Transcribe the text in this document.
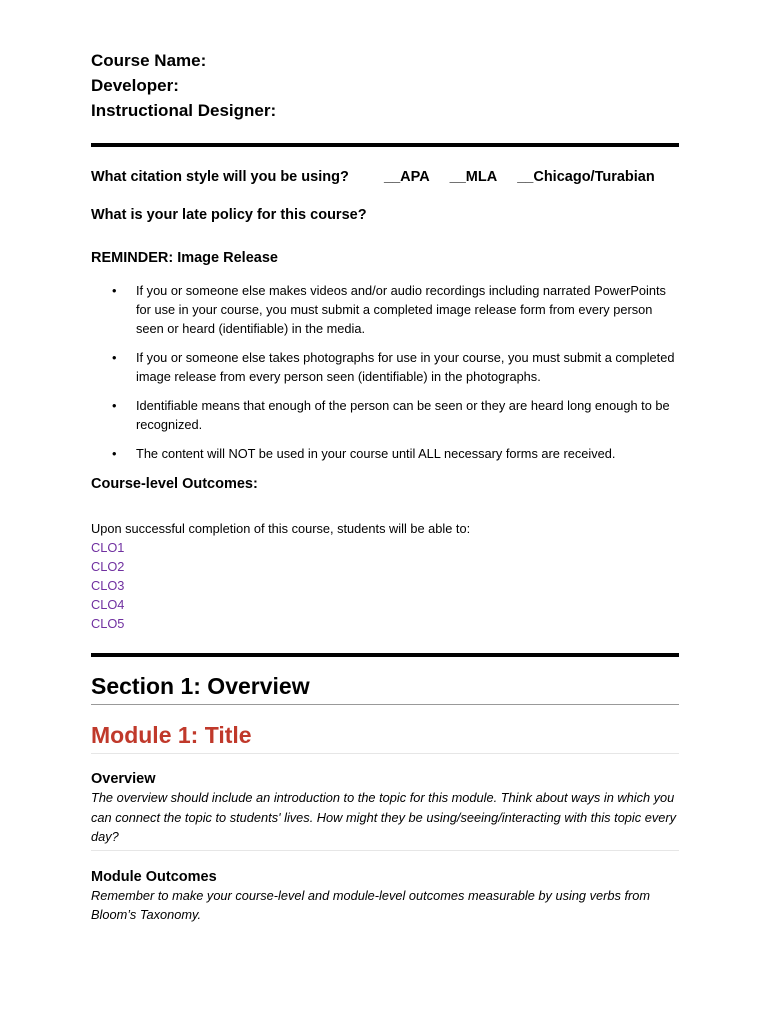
Course Name:
Developer:
Instructional Designer:
What citation style will you be using?	__APA __MLA __Chicago/Turabian
What is your late policy for this course?
REMINDER: Image Release
• If you or someone else makes videos and/or audio recordings including narrated PowerPoints for use in your course, you must submit a completed image release form from every person seen or heard (identifiable) in the media.
• If you or someone else takes photographs for use in your course, you must submit a completed image release from every person seen (identifiable) in the photographs.
• Identifiable means that enough of the person can be seen or they are heard long enough to be recognized.
• The content will NOT be used in your course until ALL necessary forms are received.
Course-level Outcomes:
Upon successful completion of this course, students will be able to:
CLO1
CLO2
CLO3
CLO4
CLO5
Section 1: Overview
Module 1: Title
Overview
The overview should include an introduction to the topic for this module. Think about ways in which you can connect the topic to students' lives. How might they be using/seeing/interacting with this topic every day?
Module Outcomes
Remember to make your course-level and module-level outcomes measurable by using verbs from Bloom’s Taxonomy.
